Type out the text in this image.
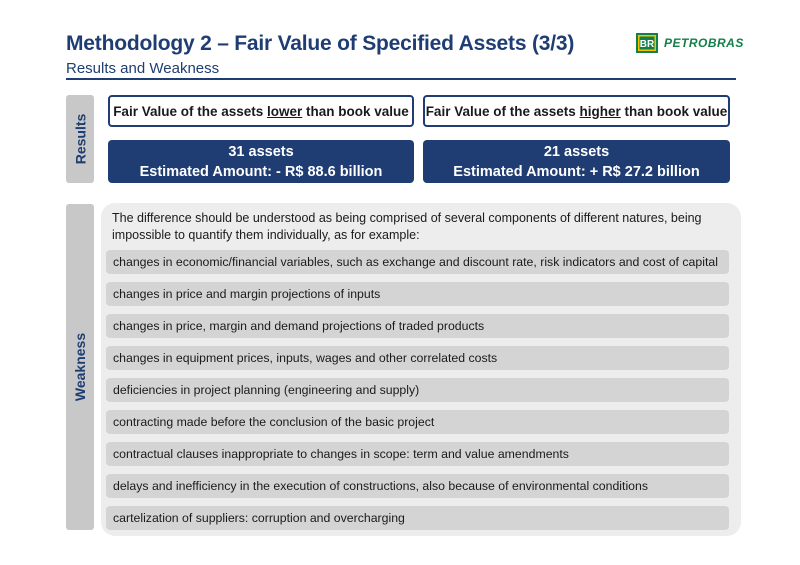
Methodology 2 – Fair Value of Specified Assets (3/3)
Results and Weakness
BR PETROBRAS
Results
Fair Value of the assets lower than book value Fair Value of the assets higher than book value
31 assets
Estimated Amount: - R$ 88.6 billion
21 assets
Estimated Amount: + R$ 27.2 billion
Weakness
The difference should be understood as being comprised of several components of different natures, being impossible to quantify them individually, as for example:
changes in economic/financial variables, such as exchange and discount rate, risk indicators and cost of capital
changes in price and margin projections of inputs
changes in price, margin and demand projections of traded products
changes in equipment prices, inputs, wages and other correlated costs
deficiencies in project planning (engineering and supply)
contracting made before the conclusion of the basic project
contractual clauses inappropriate to changes in scope: term and value amendments
delays and inefficiency in the execution of constructions, also because of environmental conditions
cartelization of suppliers: corruption and overcharging
